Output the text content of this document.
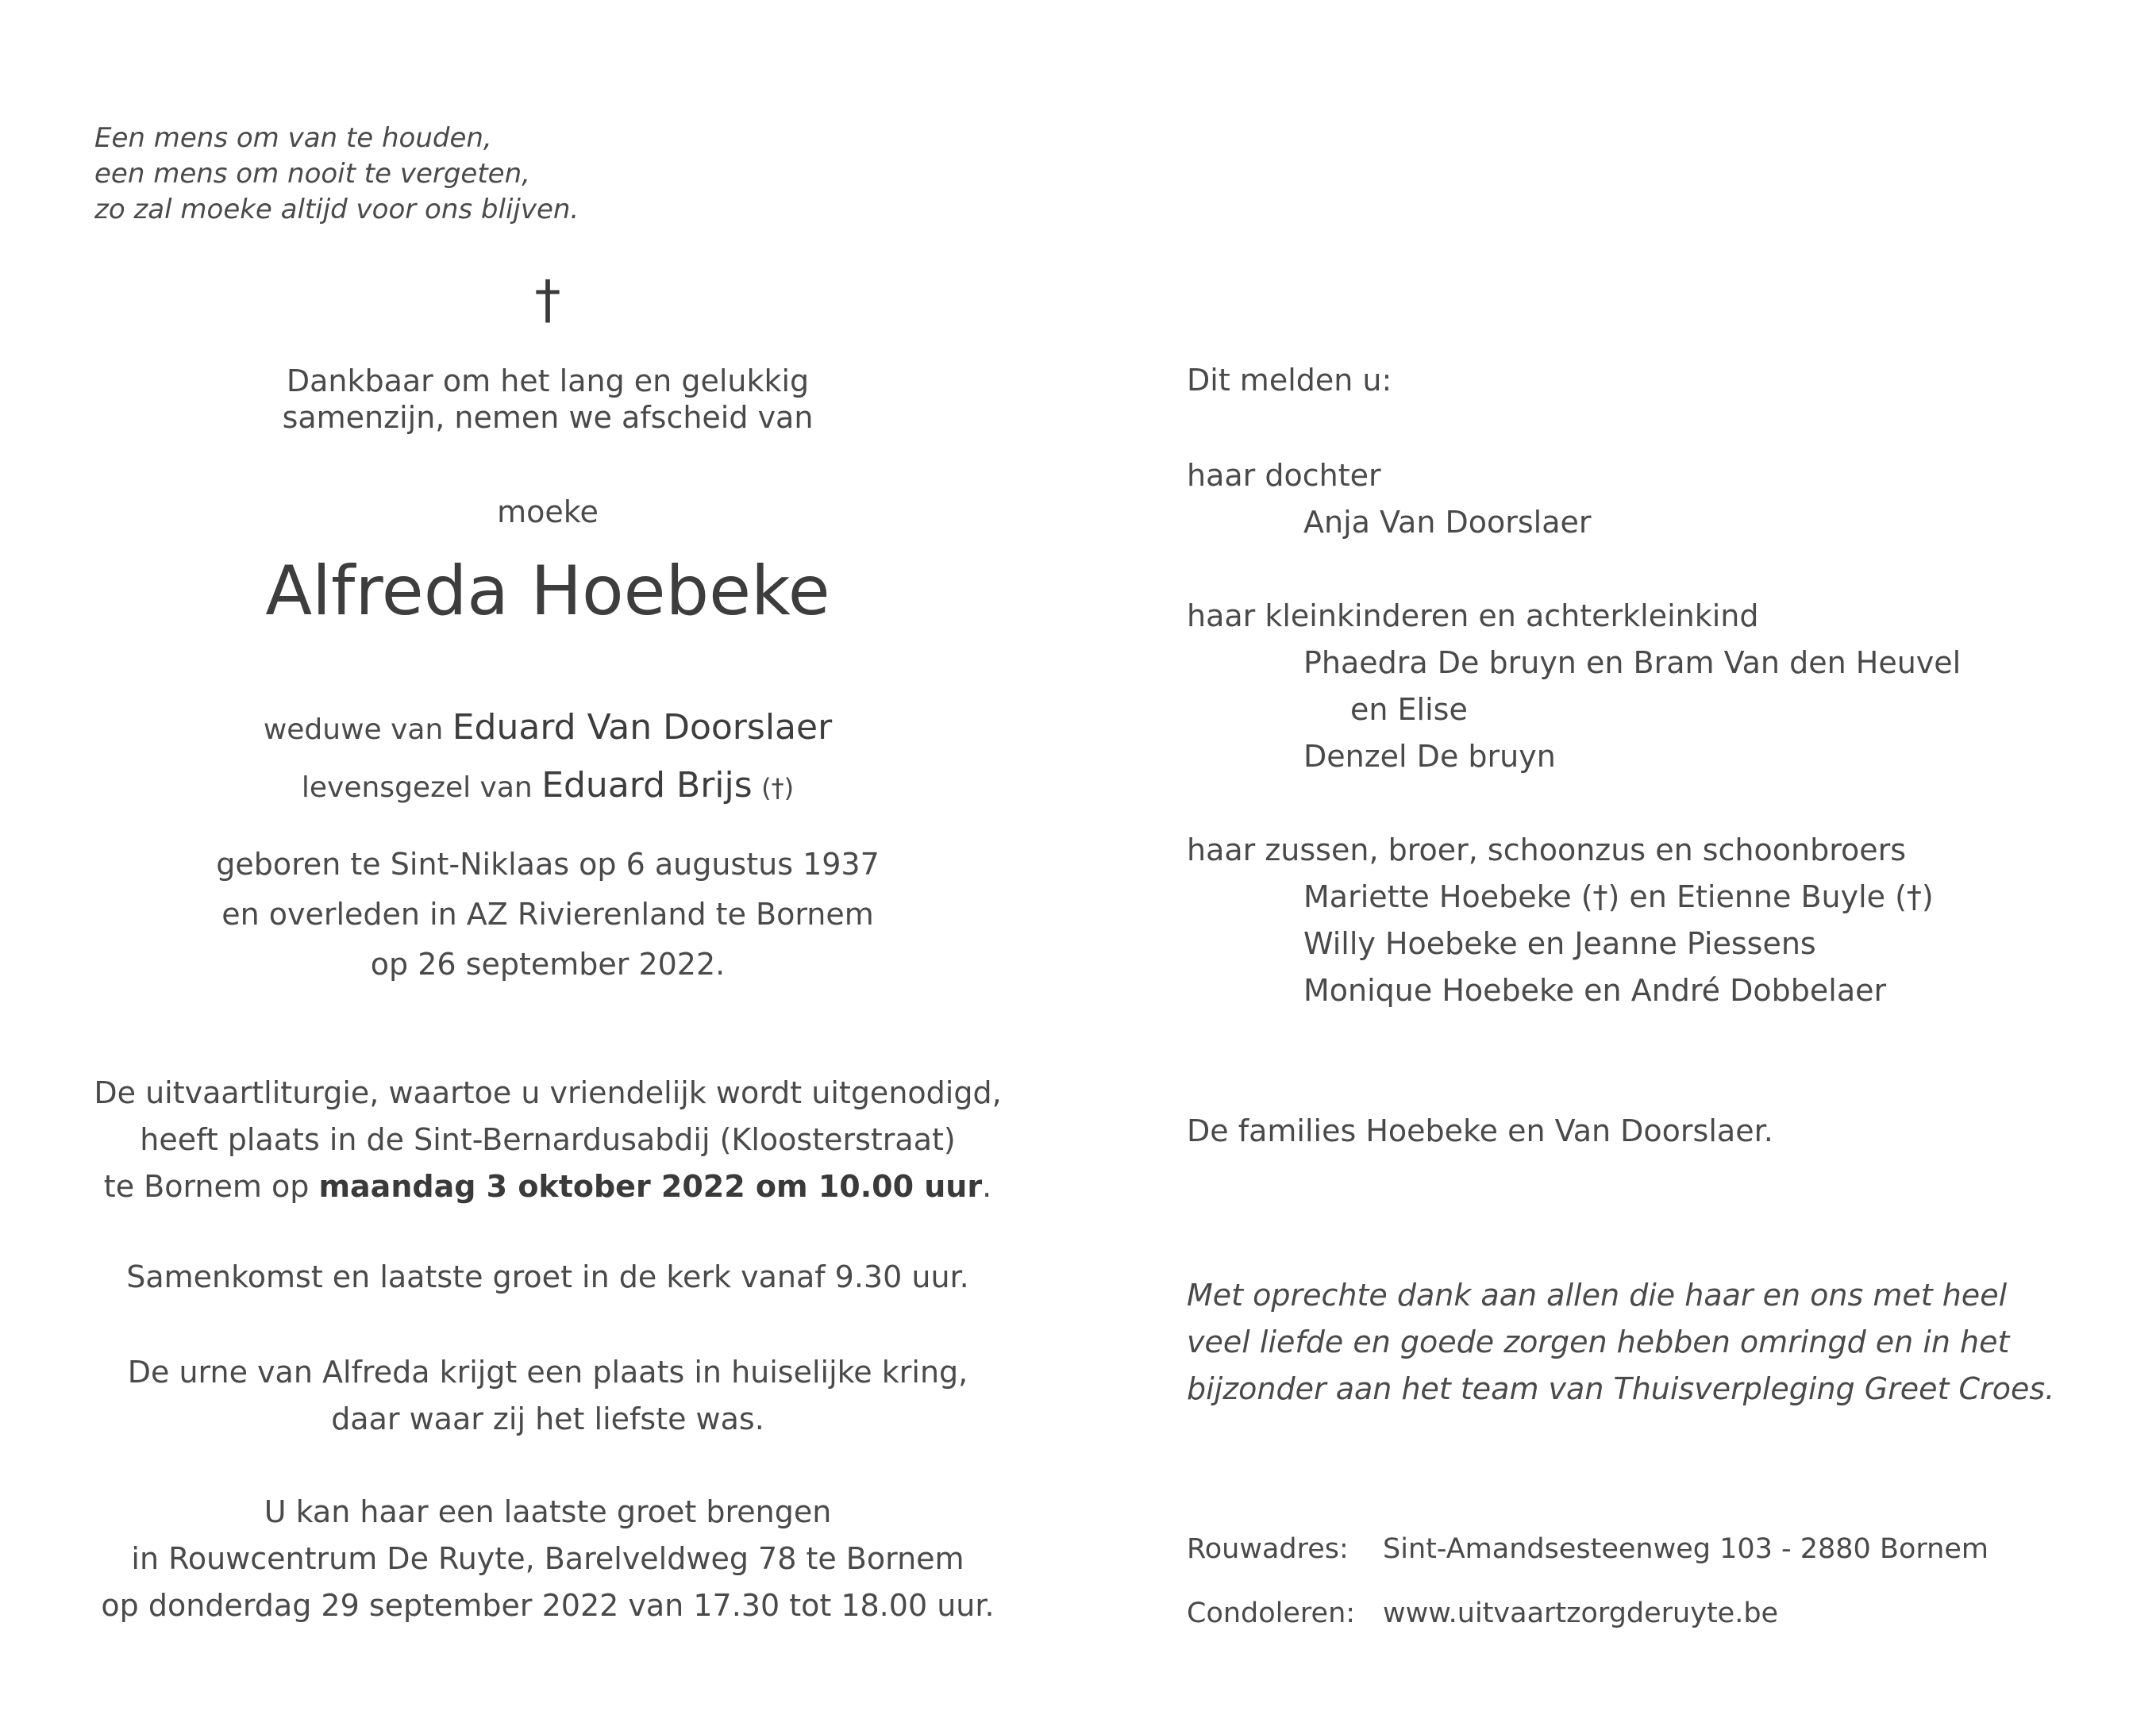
Een mens om van te houden,
een mens om nooit te vergeten,
zo zal moeke altijd voor ons blijven.
†
Dankbaar om het lang en gelukkig
samenzijn, nemen we afscheid van
moeke
Alfreda Hoebeke
weduwe van Eduard Van Doorslaer
levensgezel van Eduard Brijs (†)
geboren te Sint-Niklaas op 6 augustus 1937
en overleden in AZ Rivierenland te Bornem
op 26 september 2022.
De uitvaartliturgie, waartoe u vriendelijk wordt uitgenodigd,
heeft plaats in de Sint-Bernardusabdij (Kloosterstraat)
te Bornem op maandag 3 oktober 2022 om 10.00 uur.
Samenkomst en laatste groet in de kerk vanaf 9.30 uur.
De urne van Alfreda krijgt een plaats in huiselijke kring,
daar waar zij het liefste was.
U kan haar een laatste groet brengen
in Rouwcentrum De Ruyte, Barelveldweg 78 te Bornem
op donderdag 29 september 2022 van 17.30 tot 18.00 uur.
Dit melden u:
haar dochter
Anja Van Doorslaer
haar kleinkinderen en achterkleinkind
Phaedra De bruyn en Bram Van den Heuvel
en Elise
Denzel De bruyn
haar zussen, broer, schoonzus en schoonbroers
Mariette Hoebeke (†) en Etienne Buyle (†)
Willy Hoebeke en Jeanne Piessens
Monique Hoebeke en André Dobbelaer
De families Hoebeke en Van Doorslaer.
Met oprechte dank aan allen die haar en ons met heel
veel liefde en goede zorgen hebben omringd en in het
bijzonder aan het team van Thuisverpleging Greet Croes.
Rouwadres:	Sint-Amandsesteenweg 103 - 2880 Bornem
Condoleren: www.uitvaartzorgderuyte.be
